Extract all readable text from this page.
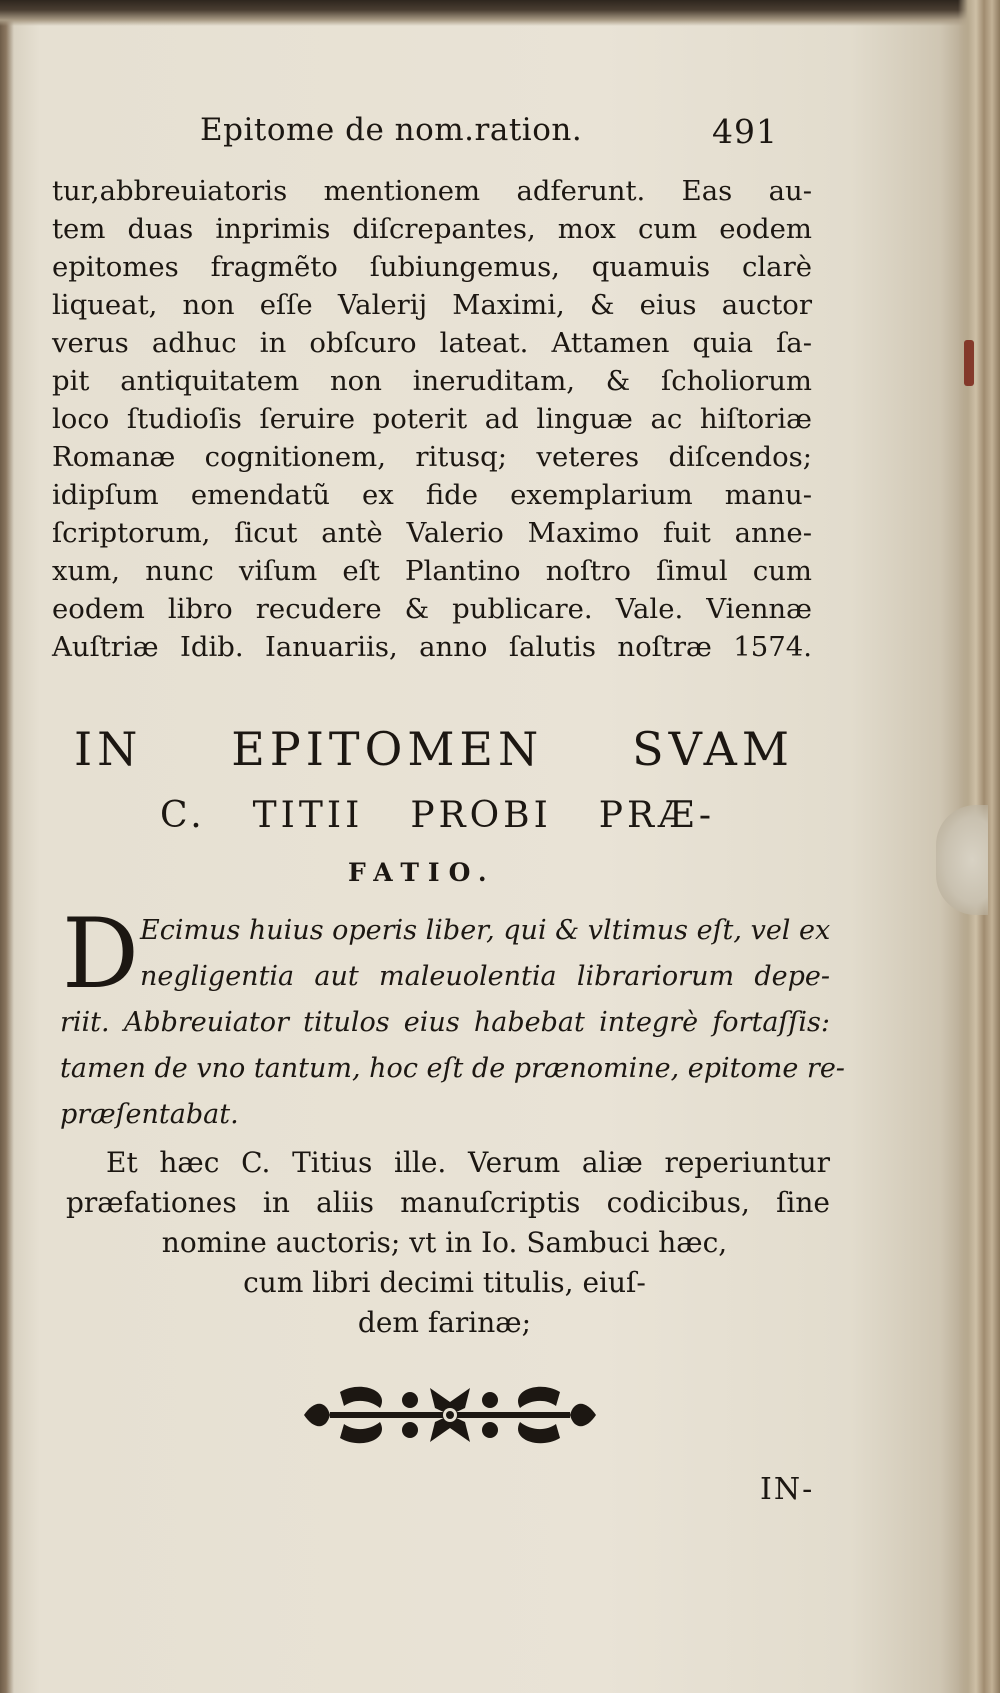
Epitome de nom.ration.	491
tur,abbreuiatoris mentionem adferunt. Eas au-
tem duas inprimis diſcrepantes, mox cum eodem
epitomes fragmẽto ſubiungemus, quamuis clarè
liqueat, non eſſe Valerij Maximi, & eius auctor
verus adhuc in obſcuro lateat. Attamen quia ſa-
pit antiquitatem non ineruditam, & ſcholiorum
loco ſtudioſis ſeruire poterit ad linguæ ac hiſtoriæ
Romanæ cognitionem, ritusq; veteres diſcendos;
idipſum emendatũ ex fide exemplarium manu-
ſcriptorum, ſicut antè Valerio Maximo fuit anne-
xum, nunc viſum eſt Plantino noſtro ſimul cum
eodem libro recudere & publicare. Vale. Viennæ
Auſtriæ Idib. Ianuariis, anno ſalutis noſtræ 1574.
IN EPITOMEN SVAM
C. TITII PROBI PRÆ-
FATIO.
D Ecimus huius operis liber, qui & vltimus eſt, vel ex
negligentia aut maleuolentia librariorum depe-
riit. Abbreuiator titulos eius habebat integrè fortaſſis:
tamen de vno tantum, hoc eſt de prænomine, epitome re-
præſentabat.
Et hæc C. Titius ille. Verum aliæ reperiuntur
præfationes in aliis manuſcriptis codicibus, ſine
nomine auctoris; vt in Io. Sambuci hæc,
cum libri decimi titulis, eiuſ-
dem farinæ;
IN-
